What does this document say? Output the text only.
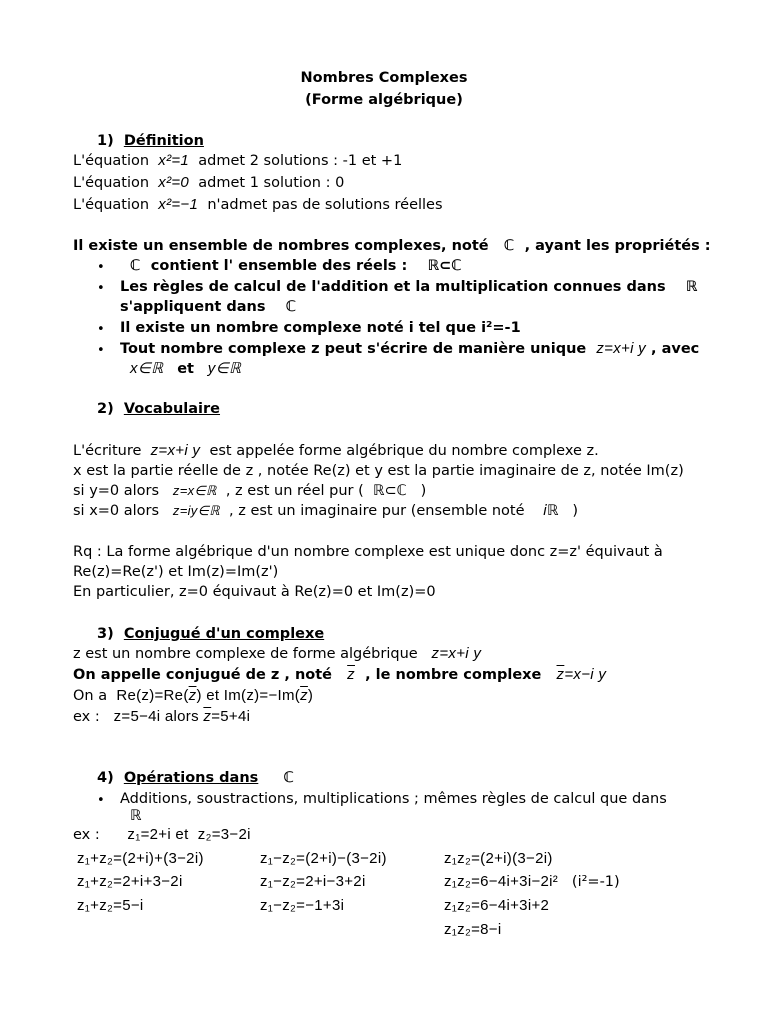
Nombres Complexes
(Forme algébrique)
1) Définition
L'équation x²=1 admet 2 solutions : -1 et +1
L'équation x²=0 admet 1 solution : 0
L'équation x²=−1 n'admet pas de solutions réelles
Il existe un ensemble de nombres complexes, noté ℂ , ayant les propriétés :
• ℂ contient l' ensemble des réels : ℝ⊂ℂ
• Les règles de calcul de l'addition et la multiplication connues dans ℝ
s'appliquent dans ℂ
• Il existe un nombre complexe noté i tel que i²=-1
• Tout nombre complexe z peut s'écrire de manière unique z=x+i y , avec
x∈ℝ et y∈ℝ
2) Vocabulaire
L'écriture z=x+i y est appelée forme algébrique du nombre complexe z.
x est la partie réelle de z , notée Re(z) et y est la partie imaginaire de z, notée Im(z)
si y=0 alors z=x∈ℝ , z est un réel pur ( ℝ⊂ℂ )
si x=0 alors z=iy∈ℝ , z est un imaginaire pur (ensemble noté iℝ )
Rq : La forme algébrique d'un nombre complexe est unique donc z=z' équivaut à
Re(z)=Re(z') et Im(z)=Im(z')
En particulier, z=0 équivaut à Re(z)=0 et Im(z)=0
3) Conjugué d'un complexe
z est un nombre complexe de forme algébrique z=x+i y
On appelle conjugué de z , noté $\overline{z}$ , le nombre complexe $\overline{z}=x-i$ y
On a $Re(z)=Re(\overline{z})$ et $Im(z)=-Im(\overline{z})$
ex : z=5−4i alors $\overline{z}=5+4i$
4) Opérations dans ℂ
• Additions, soustractions, multiplications ; mêmes règles de calcul que dans
ℝ
ex : z₁=2+i et z₂=3−2i
z₁+z₂=(2+i)+(3−2i)
z₁+z₂=2+i+3−2i
z₁+z₂=5−i
z₁−z₂=(2+i)−(3−2i)
z₁−z₂=2+i−3+2i
z₁−z₂=−1+3i
z₁z₂=(2+i)(3−2i)
z₁z₂=6−4i+3i−2i² (i²=-1)
z₁z₂=6−4i+3i+2
z₁z₂=8−i
